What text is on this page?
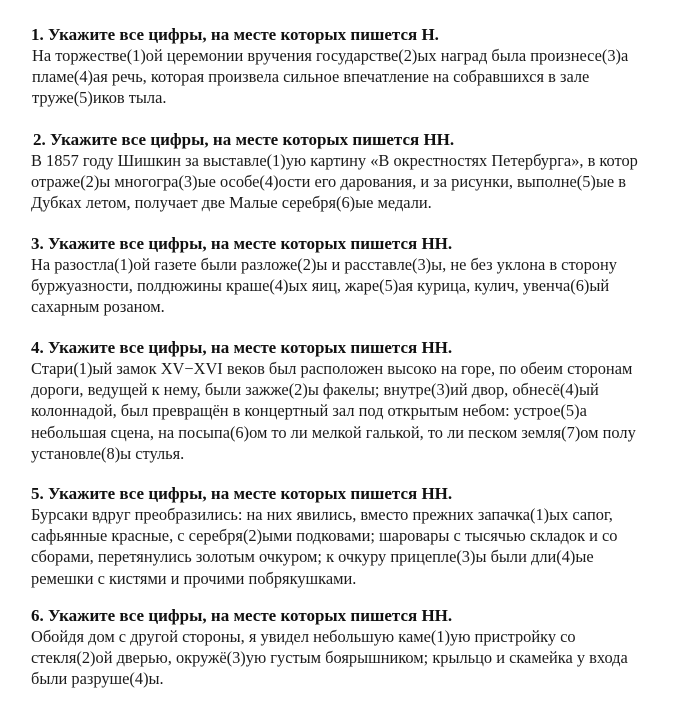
1. Укажите все цифры, на месте которых пишется Н.

На торжестве(1)ой церемонии вручения государстве(2)ых наград была произнесе(3)а

пламе(4)ая речь, которая произвела сильное впечатление на собравшихся в зале

труже(5)иков тыла.

2. Укажите все цифры, на месте которых пишется НН.

В 1857 году Шишкин за выставле(1)ую картину «В окрестностях Петербурга», в котор

отраже(2)ы многогра(3)ые особе(4)ости его дарования, и за рисунки, выполне(5)ые в

Дубках летом, получает две Малые серебря(6)ые медали.

3. Укажите все цифры, на месте которых пишется НН.

На разостла(1)ой газете были разложе(2)ы и расставле(3)ы, не без уклона в сторону

буржуазности, полдюжины краше(4)ых яиц, жаре(5)ая курица, кулич, увенча(6)ый

сахарным розаном.

4. Укажите все цифры, на месте которых пишется НН.

Стари(1)ый замок XV−XVI веков был расположен высоко на горе, по обеим сторонам

дороги, ведущей к нему, были зажже(2)ы факелы; внутре(3)ий двор, обнесё(4)ый

колоннадой, был превращён в концертный зал под открытым небом: устрое(5)а

небольшая сцена, на посыпа(6)ом то ли мелкой галькой, то ли песком земля(7)ом полу

установле(8)ы стулья.

5. Укажите все цифры, на месте которых пишется НН.

Бурсаки вдруг преобразились: на них явились, вместо прежних запачка(1)ых сапог,

сафьянные красные, с серебря(2)ыми подковами; шаровары с тысячью складок и со

сборами, перетянулись золотым очкуром; к очкуру прицепле(3)ы были дли(4)ые

ремешки с кистями и прочими побрякушками.

6. Укажите все цифры, на месте которых пишется НН.

Обойдя дом с другой стороны, я увидел небольшую каме(1)ую пристройку со

стекля(2)ой дверью, окружё(3)ую густым боярышником; крыльцо и скамейка у входа

были разруше(4)ы.
